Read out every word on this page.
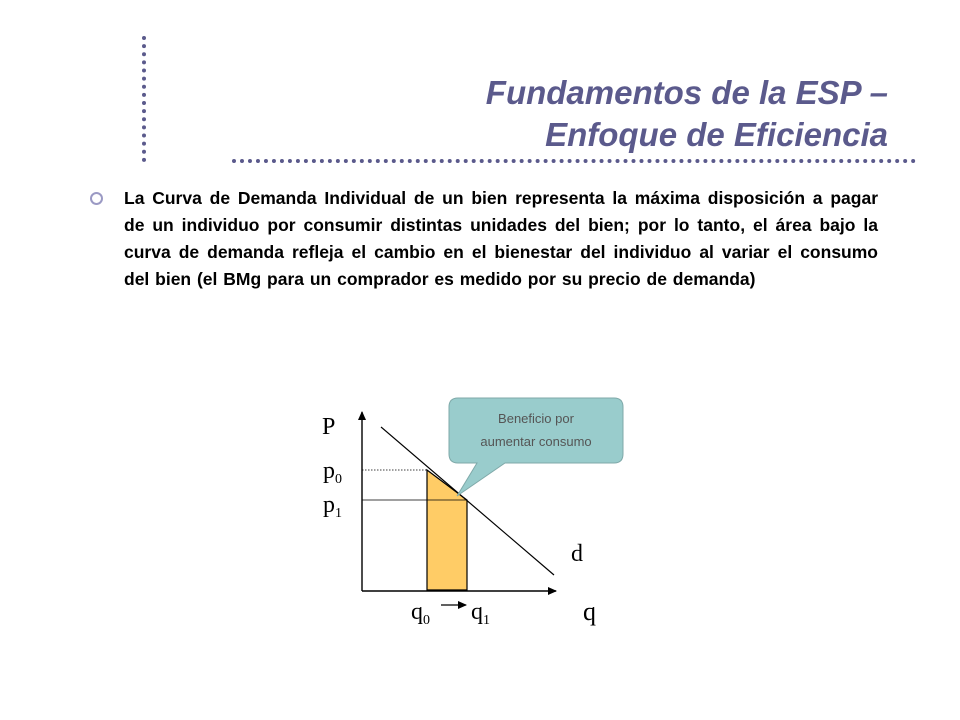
Fundamentos de la ESP –
Enfoque de Eficiencia

La Curva de Demanda Individual de un bien representa la máxima disposición a pagar de un individuo por consumir distintas unidades del bien; por lo tanto, el área bajo la curva de demanda refleja el cambio en el bienestar del individuo al variar el consumo del bien (el BMg para un comprador es medido por su precio de demanda)

P
q
d
$p_0$
$p_1$
$q_0$ $q_1$
Beneficio por
aumentar consumo
